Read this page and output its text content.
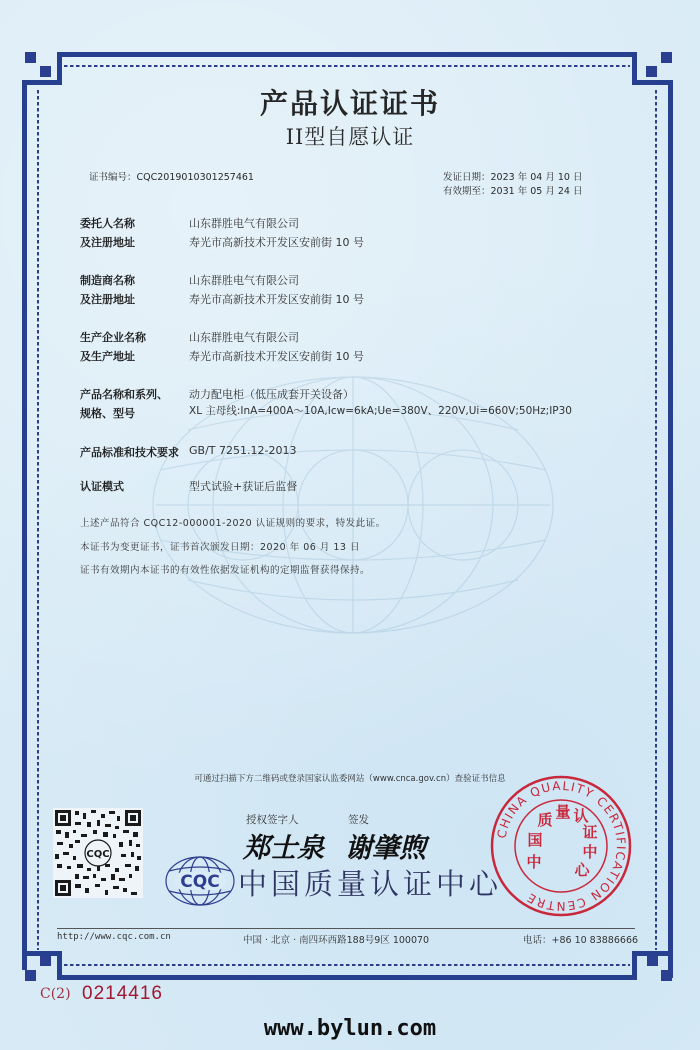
产品认证证书
II型自愿认证
证书编号：CQC2019010301257461	发证日期：2023 年 04 月 10 日
有效期至：2031 年 05 月 24 日
委托人名称	山东群胜电气有限公司
及注册地址	寿光市高新技术开发区安前街 10 号
制造商名称	山东群胜电气有限公司
及注册地址	寿光市高新技术开发区安前街 10 号
生产企业名称	山东群胜电气有限公司
及生产地址	寿光市高新技术开发区安前街 10 号
产品名称和系列、 动力配电柜（低压成套开关设备）
规格、型号	XL 主母线:InA=400A～10A,Icw=6kA;Ue=380V、220V,Ui=660V;50Hz;IP30
产品标准和技术要求 GB/T 7251.12-2013
认证模式	型式试验+获证后监督
上述产品符合 CQC12-000001-2020 认证规则的要求，特发此证。
本证书为变更证书，证书首次颁发日期：2020 年 06 月 13 日
证书有效期内本证书的有效性依据发证机构的定期监督获得保持。
可通过扫描下方二维码或登录国家认监委网站（www.cnca.gov.cn）查验证书信息
CQC
授权签字人	签发
郑士泉 谢肇煦
CQC 中国质量认证中心
CHINA QUALITY CERTIFICATION CENTRE
中
国
质 量 认
证
中
心
http://www.cqc.com.cn	中国 · 北京 · 南四环西路188号9区 100070	电话：+86 10 83886666
C(2) 0214416
www.bylun.com
